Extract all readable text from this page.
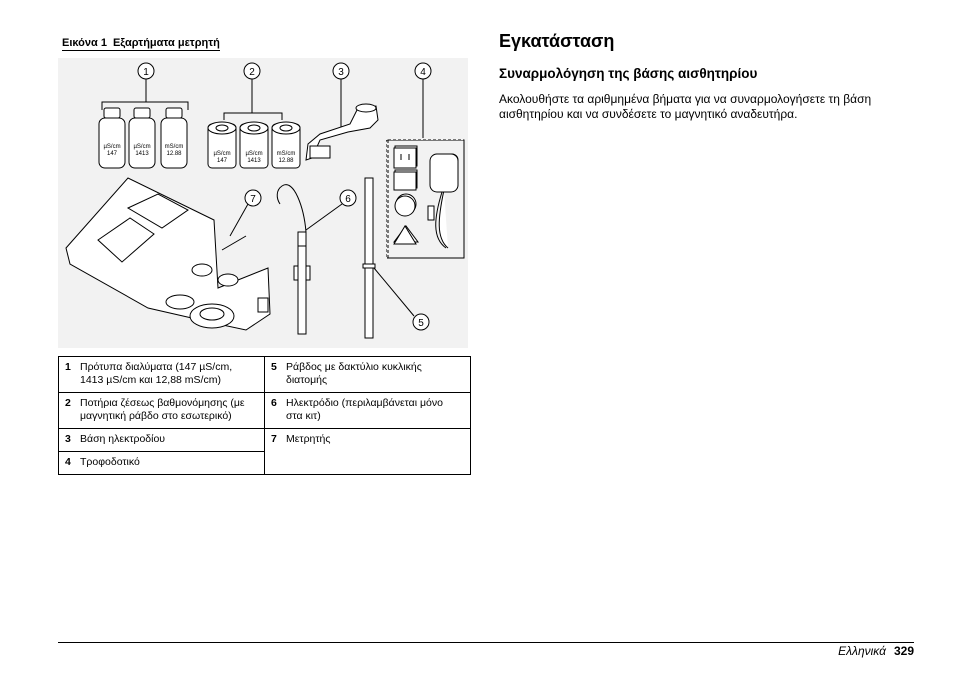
Εικόνα 1 Εξαρτήματα μετρητή
1
µS/cm
147
µS/cm
1413
mS/cm
12.88
2
µS/cm
147
µS/cm
1413
mS/cm
12.88
3	4
7	6
5
1 Πρότυπα διαλύματα (147 µS/cm, 1413 µS/cm και 12,88 mS/cm)	5 Ράβδος με δακτύλιο κυκλικής διατομής
2 Ποτήρια ζέσεως βαθμονόμησης (με μαγνητική ράβδο στο εσωτερικό)	6 Ηλεκτρόδιο (περιλαμβάνεται μόνο στα κιτ)
3 Βάση ηλεκτροδίου	7 Μετρητής
4 Τροφοδοτικό	
Εγκατάσταση
Συναρμολόγηση της βάσης αισθητηρίου

Ακολουθήστε τα αριθμημένα βήματα για να συναρμολογήσετε τη βάση αισθητηρίου και να συνδέσετε το μαγνητικό αναδευτήρα.

Ελληνικά 329
